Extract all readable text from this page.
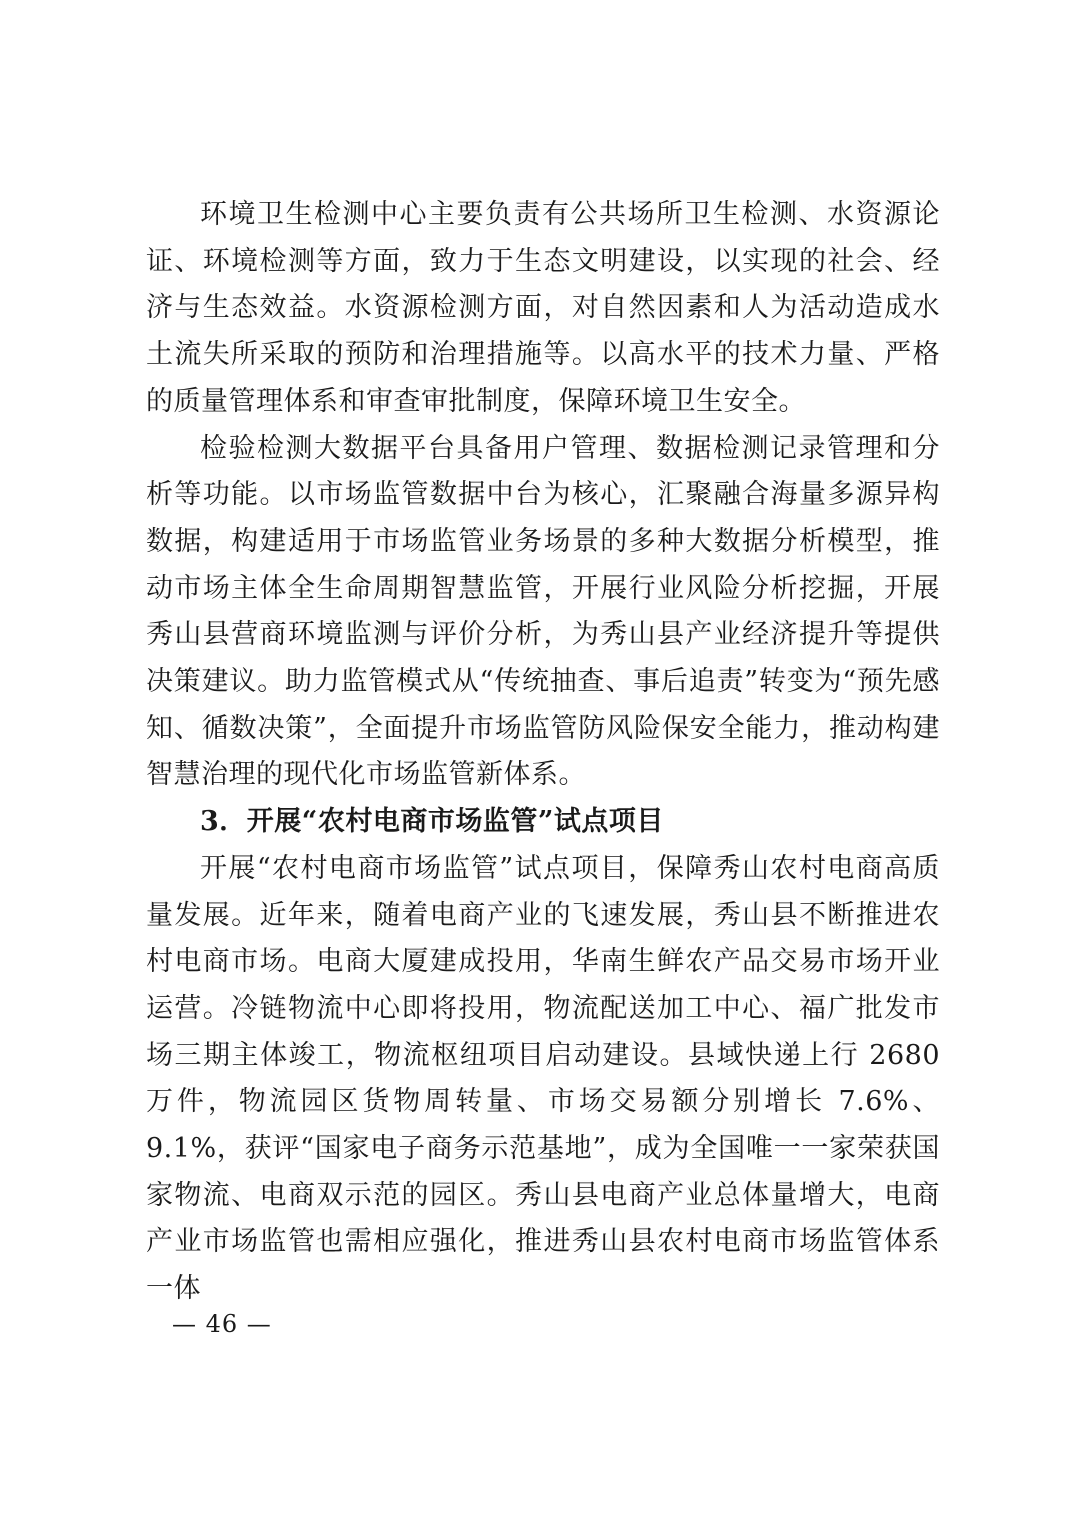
环境卫生检测中心主要负责有公共场所卫生检测、水资源论证、环境检测等方面，致力于生态文明建设，以实现的社会、经济与生态效益。水资源检测方面，对自然因素和人为活动造成水土流失所采取的预防和治理措施等。以高水平的技术力量、严格的质量管理体系和审查审批制度，保障环境卫生安全。

检验检测大数据平台具备用户管理、数据检测记录管理和分析等功能。以市场监管数据中台为核心，汇聚融合海量多源异构数据，构建适用于市场监管业务场景的多种大数据分析模型，推动市场主体全生命周期智慧监管，开展行业风险分析挖掘，开展秀山县营商环境监测与评价分析，为秀山县产业经济提升等提供决策建议。助力监管模式从“传统抽查、事后追责”转变为“预先感知、循数决策”，全面提升市场监管防风险保安全能力，推动构建智慧治理的现代化市场监管新体系。

3．开展“农村电商市场监管”试点项目

开展“农村电商市场监管”试点项目，保障秀山农村电商高质量发展。近年来，随着电商产业的飞速发展，秀山县不断推进农村电商市场。电商大厦建成投用，华南生鲜农产品交易市场开业运营。冷链物流中心即将投用，物流配送加工中心、福广批发市场三期主体竣工，物流枢纽项目启动建设。县域快递上行 2680 万件，物流园区货物周转量、市场交易额分别增长 7.6%、9.1%，获评“国家电子商务示范基地”，成为全国唯一一家荣获国家物流、电商双示范的园区。秀山县电商产业总体量增大，电商产业市场监管也需相应强化，推进秀山县农村电商市场监管体系一体

— 46 —
